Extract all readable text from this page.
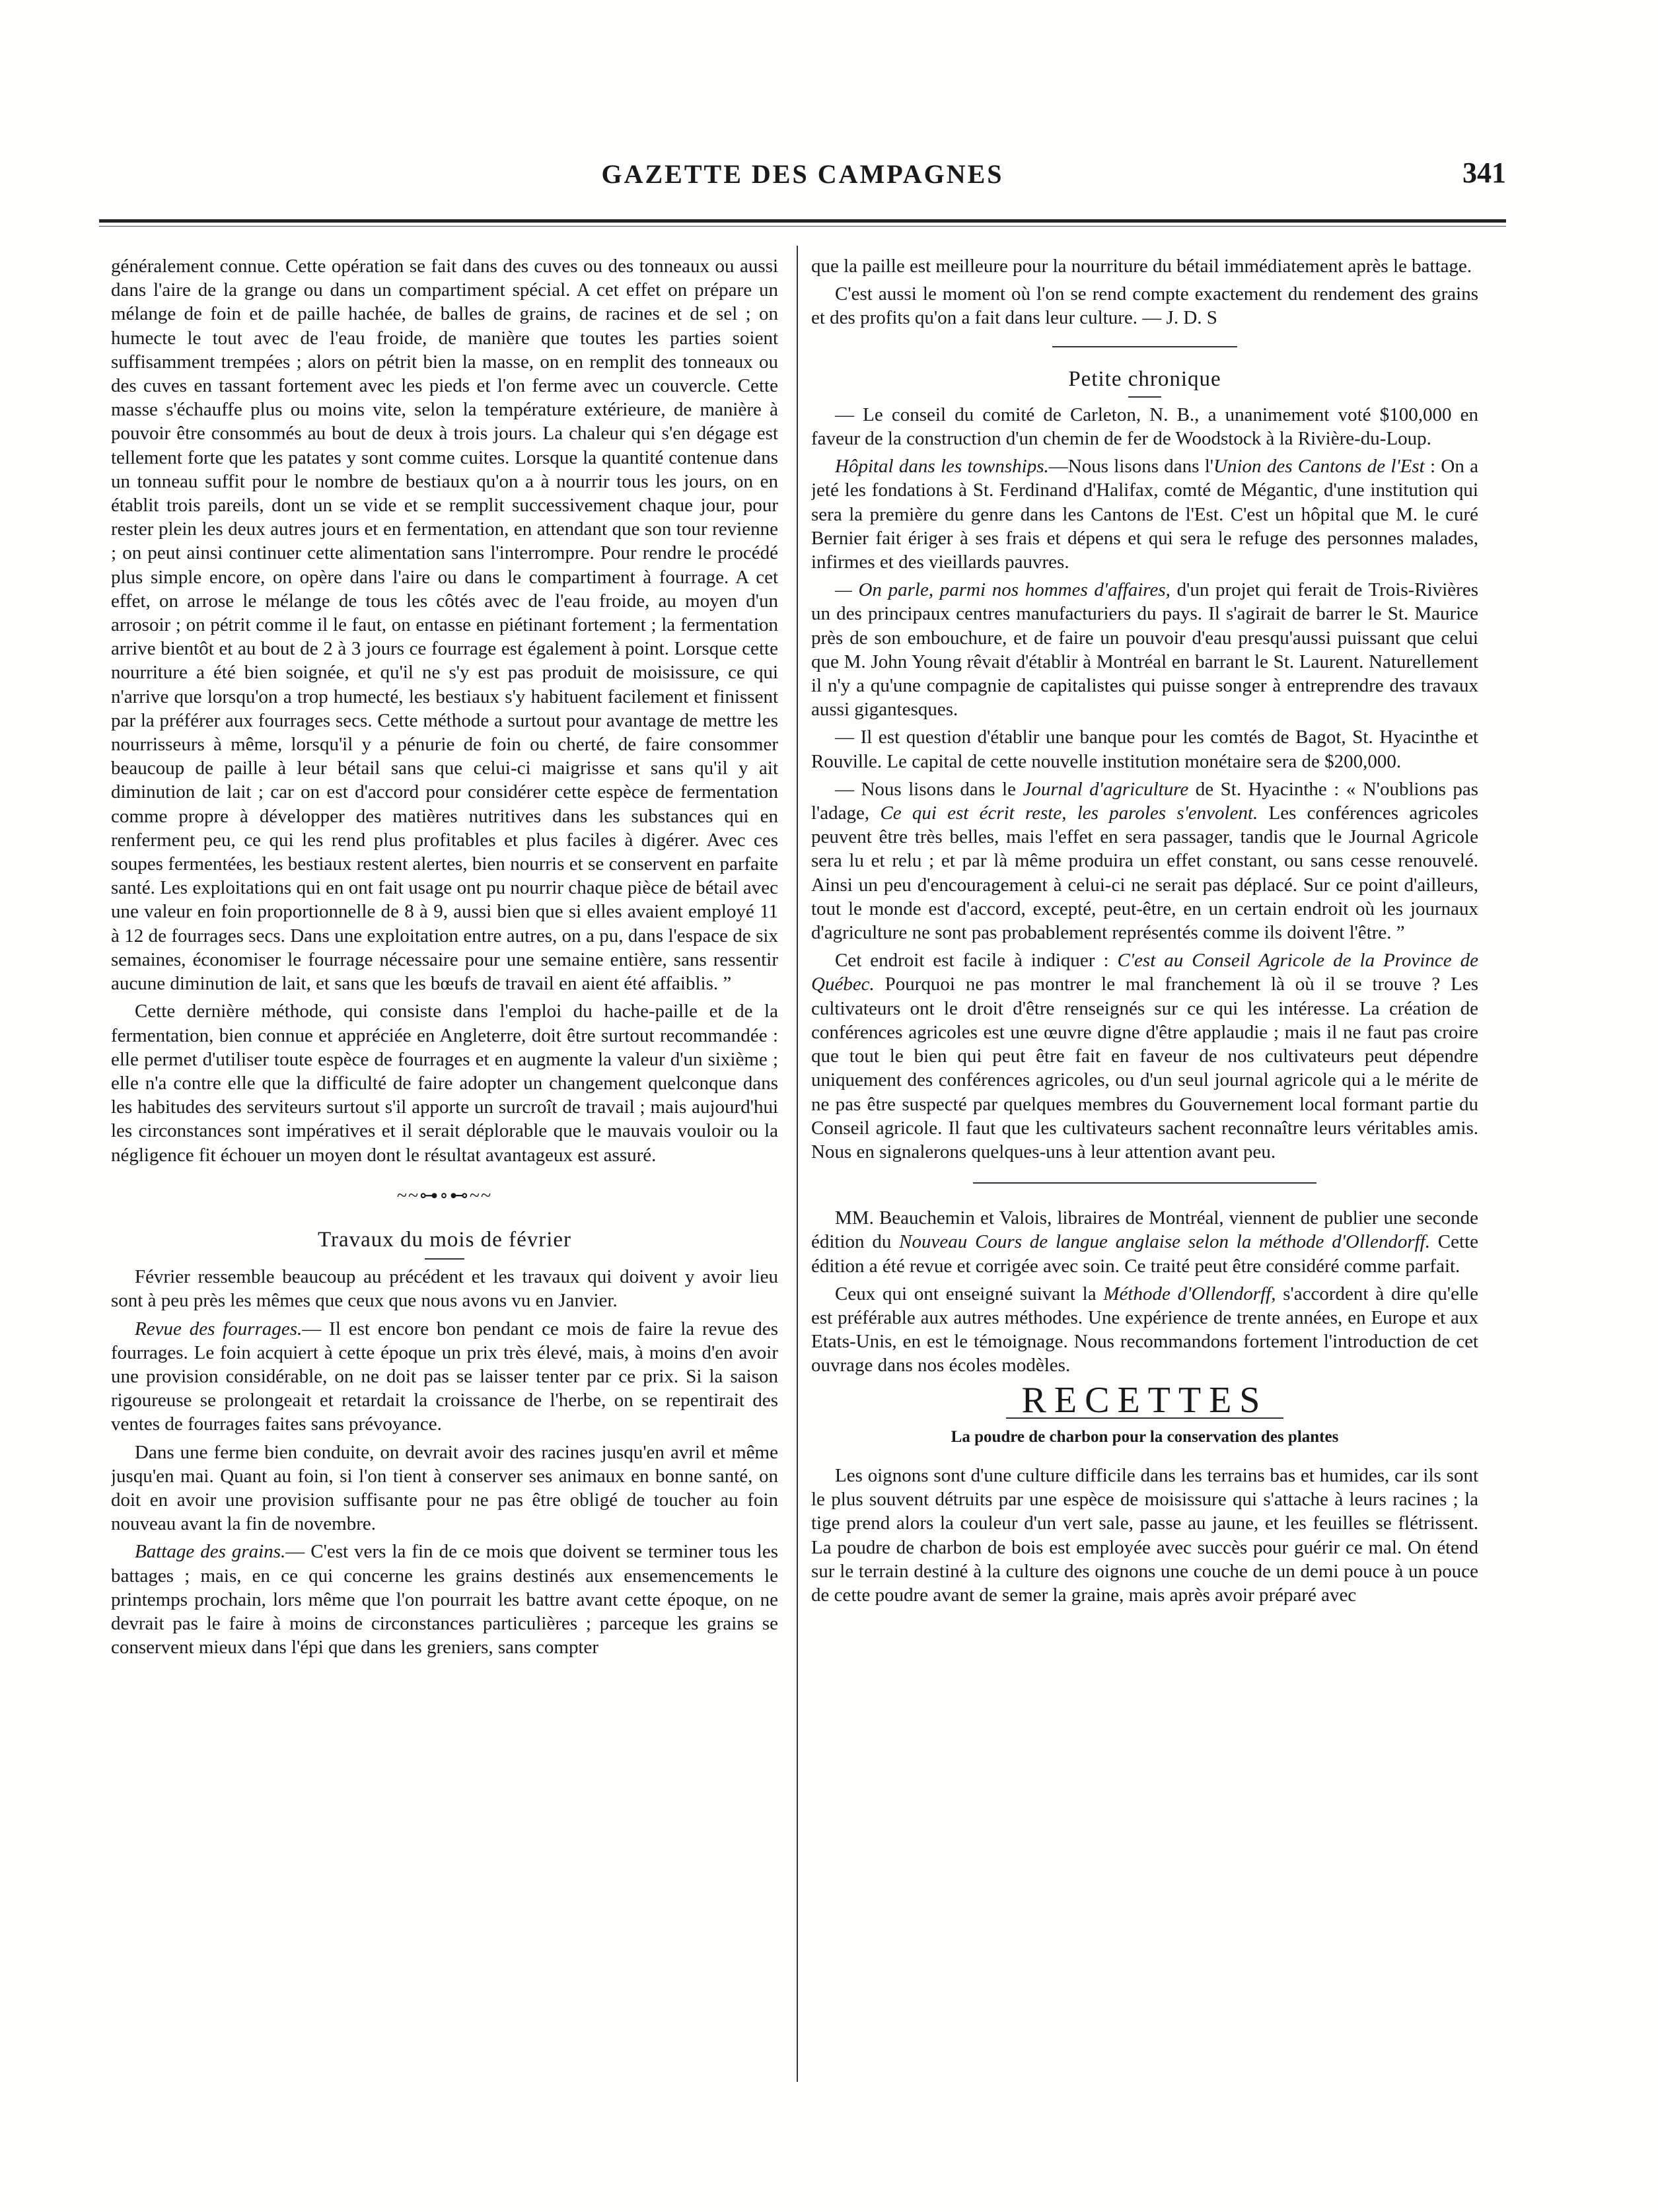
GAZETTE DES CAMPAGNES	341

généralement connue. Cette opération se fait dans des cuves ou des tonneaux ou aussi dans l'aire de la grange ou dans un compartiment spécial. A cet effet on prépare un mélange de foin et de paille hachée, de balles de grains, de racines et de sel ; on humecte le tout avec de l'eau froide, de manière que toutes les parties soient suffisamment trempées ; alors on pétrit bien la masse, on en remplit des tonneaux ou des cuves en tassant fortement avec les pieds et l'on ferme avec un couvercle. Cette masse s'échauffe plus ou moins vite, selon la température extérieure, de manière à pouvoir être consommés au bout de deux à trois jours. La chaleur qui s'en dégage est tellement forte que les patates y sont comme cuites. Lorsque la quantité contenue dans un tonneau suffit pour le nombre de bestiaux qu'on a à nourrir tous les jours, on en établit trois pareils, dont un se vide et se remplit successivement chaque jour, pour rester plein les deux autres jours et en fermentation, en attendant que son tour revienne ; on peut ainsi continuer cette alimentation sans l'interrompre. Pour rendre le procédé plus simple encore, on opère dans l'aire ou dans le compartiment à fourrage. A cet effet, on arrose le mélange de tous les côtés avec de l'eau froide, au moyen d'un arrosoir ; on pétrit comme il le faut, on entasse en piétinant fortement ; la fermentation arrive bientôt et au bout de 2 à 3 jours ce fourrage est également à point. Lorsque cette nourriture a été bien soignée, et qu'il ne s'y est pas produit de moisissure, ce qui n'arrive que lorsqu'on a trop humecté, les bestiaux s'y habituent facilement et finissent par la préférer aux fourrages secs. Cette méthode a surtout pour avantage de mettre les nourrisseurs à même, lorsqu'il y a pénurie de foin ou cherté, de faire consommer beaucoup de paille à leur bétail sans que celui-ci maigrisse et sans qu'il y ait diminution de lait ; car on est d'accord pour considérer cette espèce de fermentation comme propre à développer des matières nutritives dans les substances qui en renferment peu, ce qui les rend plus profitables et plus faciles à digérer. Avec ces soupes fermentées, les bestiaux restent alertes, bien nourris et se conservent en parfaite santé. Les exploitations qui en ont fait usage ont pu nourrir chaque pièce de bétail avec une valeur en foin proportionnelle de 8 à 9, aussi bien que si elles avaient employé 11 à 12 de fourrages secs. Dans une exploitation entre autres, on a pu, dans l'espace de six semaines, économiser le fourrage nécessaire pour une semaine entière, sans ressentir aucune diminution de lait, et sans que les bœufs de travail en aient été affaiblis. ”

Cette dernière méthode, qui consiste dans l'emploi du hache-paille et de la fermentation, bien connue et appréciée en Angleterre, doit être surtout recommandée : elle permet d'utiliser toute espèce de fourrages et en augmente la valeur d'un sixième ; elle n'a contre elle que la difficulté de faire adopter un changement quelconque dans les habitudes des serviteurs surtout s'il apporte un surcroît de travail ; mais aujourd'hui les circonstances sont impératives et il serait déplorable que le mauvais vouloir ou la négligence fit échouer un moyen dont le résultat avantageux est assuré.

~~⊶∘⊷~~
Travaux du mois de février

Février ressemble beaucoup au précédent et les travaux qui doivent y avoir lieu sont à peu près les mêmes que ceux que nous avons vu en Janvier.

Revue des fourrages.— Il est encore bon pendant ce mois de faire la revue des fourrages. Le foin acquiert à cette époque un prix très élevé, mais, à moins d'en avoir une provision considérable, on ne doit pas se laisser tenter par ce prix. Si la saison rigoureuse se prolongeait et retardait la croissance de l'herbe, on se repentirait des ventes de fourrages faites sans prévoyance.

Dans une ferme bien conduite, on devrait avoir des racines jusqu'en avril et même jusqu'en mai. Quant au foin, si l'on tient à conserver ses animaux en bonne santé, on doit en avoir une provision suffisante pour ne pas être obligé de toucher au foin nouveau avant la fin de novembre.

Battage des grains.— C'est vers la fin de ce mois que doivent se terminer tous les battages ; mais, en ce qui concerne les grains destinés aux ensemencements le printemps prochain, lors même que l'on pourrait les battre avant cette époque, on ne devrait pas le faire à moins de circonstances particulières ; parceque les grains se conservent mieux dans l'épi que dans les greniers, sans compter

que la paille est meilleure pour la nourriture du bétail immédiatement après le battage.

C'est aussi le moment où l'on se rend compte exactement du rendement des grains et des profits qu'on a fait dans leur culture. — J. D. S

Petite chronique

— Le conseil du comité de Carleton, N. B., a unanimement voté $100,000 en faveur de la construction d'un chemin de fer de Woodstock à la Rivière-du-Loup.

Hôpital dans les townships.—Nous lisons dans l'Union des Cantons de l'Est : On a jeté les fondations à St. Ferdinand d'Halifax, comté de Mégantic, d'une institution qui sera la première du genre dans les Cantons de l'Est. C'est un hôpital que M. le curé Bernier fait ériger à ses frais et dépens et qui sera le refuge des personnes malades, infirmes et des vieillards pauvres.

— On parle, parmi nos hommes d'affaires, d'un projet qui ferait de Trois-Rivières un des principaux centres manufacturiers du pays. Il s'agirait de barrer le St. Maurice près de son embouchure, et de faire un pouvoir d'eau presqu'aussi puissant que celui que M. John Young rêvait d'établir à Montréal en barrant le St. Laurent. Naturellement il n'y a qu'une compagnie de capitalistes qui puisse songer à entreprendre des travaux aussi gigantesques.

— Il est question d'établir une banque pour les comtés de Bagot, St. Hyacinthe et Rouville. Le capital de cette nouvelle institution monétaire sera de $200,000.

— Nous lisons dans le Journal d'agriculture de St. Hyacinthe : « N'oublions pas l'adage, Ce qui est écrit reste, les paroles s'envolent. Les conférences agricoles peuvent être très belles, mais l'effet en sera passager, tandis que le Journal Agricole sera lu et relu ; et par là même produira un effet constant, ou sans cesse renouvelé. Ainsi un peu d'encouragement à celui-ci ne serait pas déplacé. Sur ce point d'ailleurs, tout le monde est d'accord, excepté, peut-être, en un certain endroit où les journaux d'agriculture ne sont pas probablement représentés comme ils doivent l'être. ”

Cet endroit est facile à indiquer : C'est au Conseil Agricole de la Province de Québec. Pourquoi ne pas montrer le mal franchement là où il se trouve ? Les cultivateurs ont le droit d'être renseignés sur ce qui les intéresse. La création de conférences agricoles est une œuvre digne d'être applaudie ; mais il ne faut pas croire que tout le bien qui peut être fait en faveur de nos cultivateurs peut dépendre uniquement des conférences agricoles, ou d'un seul journal agricole qui a le mérite de ne pas être suspecté par quelques membres du Gouvernement local formant partie du Conseil agricole. Il faut que les cultivateurs sachent reconnaître leurs véritables amis. Nous en signalerons quelques-uns à leur attention avant peu.

MM. Beauchemin et Valois, libraires de Montréal, viennent de publier une seconde édition du Nouveau Cours de langue anglaise selon la méthode d'Ollendorff. Cette édition a été revue et corrigée avec soin. Ce traité peut être considéré comme parfait.

Ceux qui ont enseigné suivant la Méthode d'Ollendorff, s'accordent à dire qu'elle est préférable aux autres méthodes. Une expérience de trente années, en Europe et aux Etats-Unis, en est le témoignage. Nous recommandons fortement l'introduction de cet ouvrage dans nos écoles modèles.

RECETTES
La poudre de charbon pour la conservation des plantes

Les oignons sont d'une culture difficile dans les terrains bas et humides, car ils sont le plus souvent détruits par une espèce de moisissure qui s'attache à leurs racines ; la tige prend alors la couleur d'un vert sale, passe au jaune, et les feuilles se flétrissent. La poudre de charbon de bois est employée avec succès pour guérir ce mal. On étend sur le terrain destiné à la culture des oignons une couche de un demi pouce à un pouce de cette poudre avant de semer la graine, mais après avoir préparé avec
